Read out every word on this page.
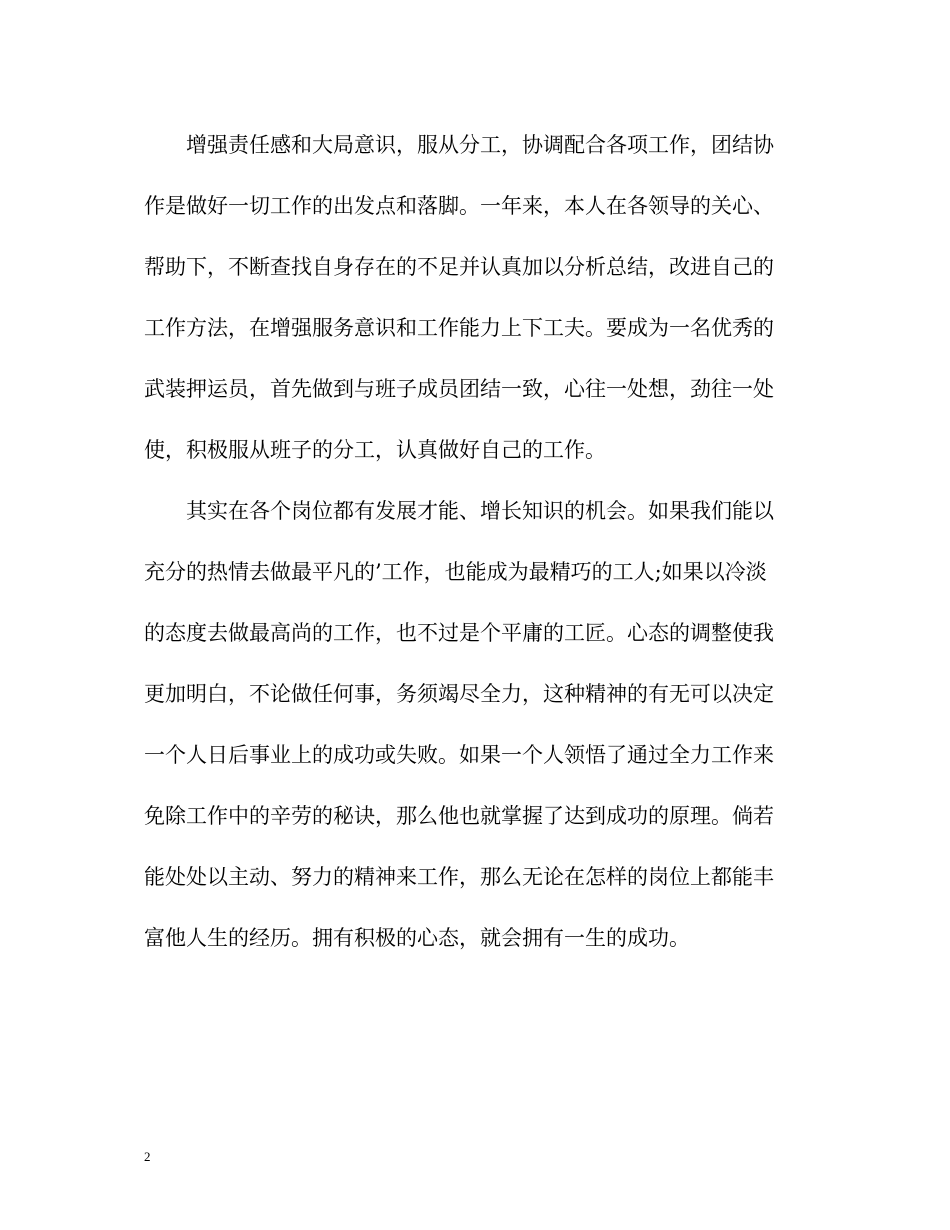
增强责任感和大局意识，服从分工，协调配合各项工作，团结协
作是做好一切工作的出发点和落脚。一年来，本人在各领导的关心、
帮助下，不断查找自身存在的不足并认真加以分析总结，改进自己的
工作方法，在增强服务意识和工作能力上下工夫。要成为一名优秀的
武装押运员，首先做到与班子成员团结一致，心往一处想，劲往一处
使，积极服从班子的分工，认真做好自己的工作。
其实在各个岗位都有发展才能、增长知识的机会。如果我们能以
充分的热情去做最平凡的’工作，也能成为最精巧的工人;如果以冷淡
的态度去做最高尚的工作，也不过是个平庸的工匠。心态的调整使我
更加明白，不论做任何事，务须竭尽全力，这种精神的有无可以决定
一个人日后事业上的成功或失败。如果一个人领悟了通过全力工作来
免除工作中的辛劳的秘诀，那么他也就掌握了达到成功的原理。倘若
能处处以主动、努力的精神来工作，那么无论在怎样的岗位上都能丰
富他人生的经历。拥有积极的心态，就会拥有一生的成功。
2
